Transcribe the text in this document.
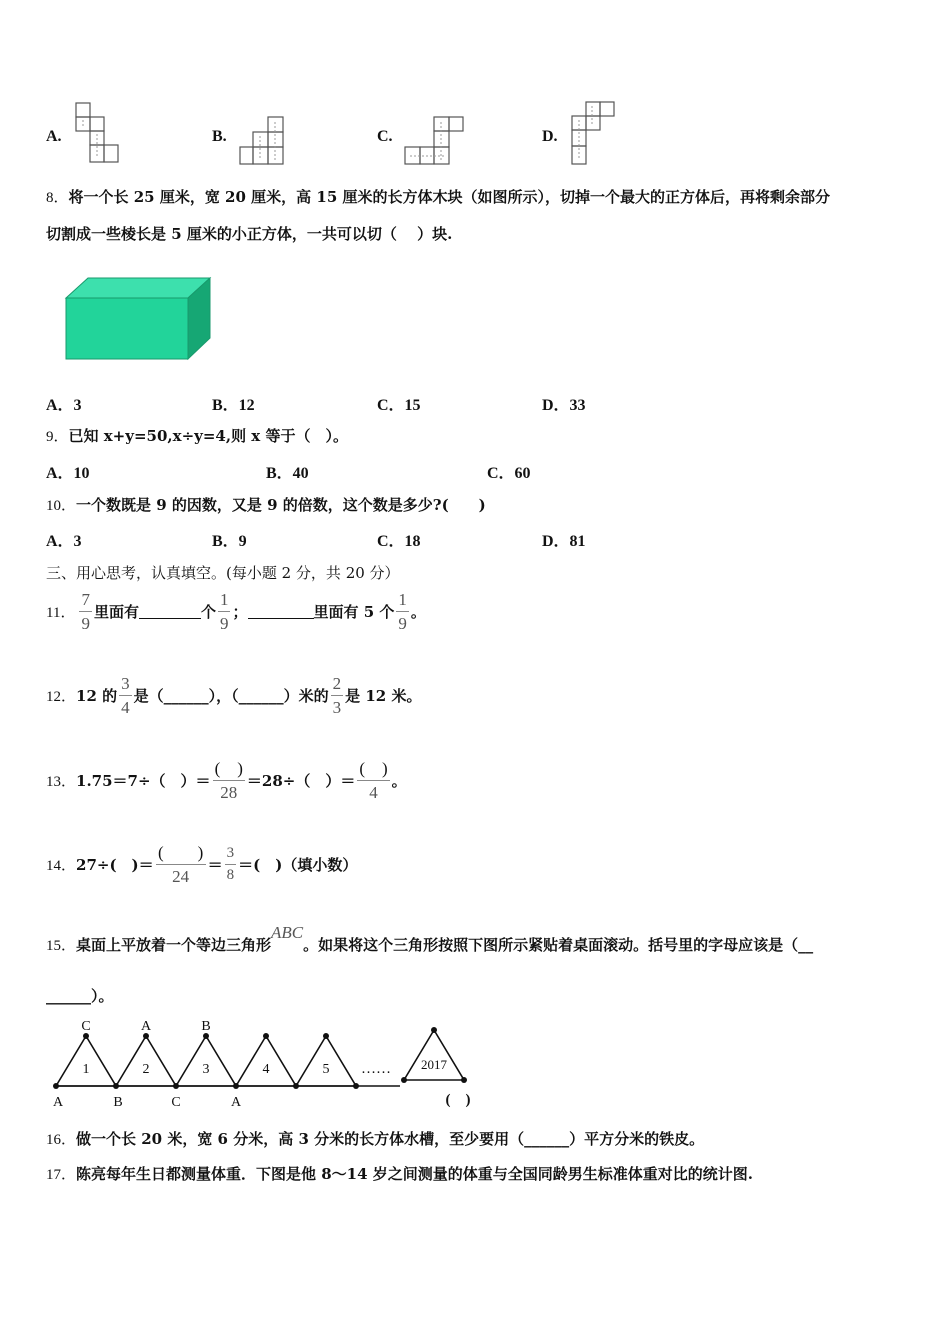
A.	B.	C.	D.
8．将一个长 25 厘米，宽 20 厘米，高 15 厘米的长方体木块（如图所示），切掉一个最大的正方体后，再将剩余部分
切割成一些棱长是 5 厘米的小正方体，一共可以切（　 ）块.
A．3	B．12	C．15	D．33
9．已知 x+y=50,x÷y=4,则 x 等于（　）。
A．10	B．40	C．60
10．一个数既是 9 的因数，又是 9 的倍数，这个数是多少?(　　)
A．3	B．9	C．18	D．81
三、用心思考，认真填空。(每小题 2 分，共 20 分）
11． $\frac{7}{9}$ 里面有	个 $\frac{1}{9}$ ；	里面有 5 个 $\frac{1}{9}$ 。
12． 12 的 $\frac{3}{4}$ 是（______），（______）米的 $\frac{2}{3}$ 是 12 米。
13． 1.75＝7÷（　）＝ $\frac{( )}{28} =28\div$（　）＝ $\frac{( )}{4}$ 。
14． 27÷(　)＝ $\frac{( )}{24} = \frac{3}{8}$ ＝(　)（填小数）
15．桌面上平放着一个等边三角形ABC。如果将这个三角形按照下图所示紧贴着桌面滚动。括号里的字母应该是（__
______）。
C	A	B
1	2	3	4	5
A	B	C	A
…… 2017
(　)
16．做一个长 20 米，宽 6 分米，高 3 分米的长方体水槽，至少要用（______）平方分米的铁皮。
17．陈亮每年生日都测量体重．下图是他 8～14 岁之间测量的体重与全国同龄男生标准体重对比的统计图.
